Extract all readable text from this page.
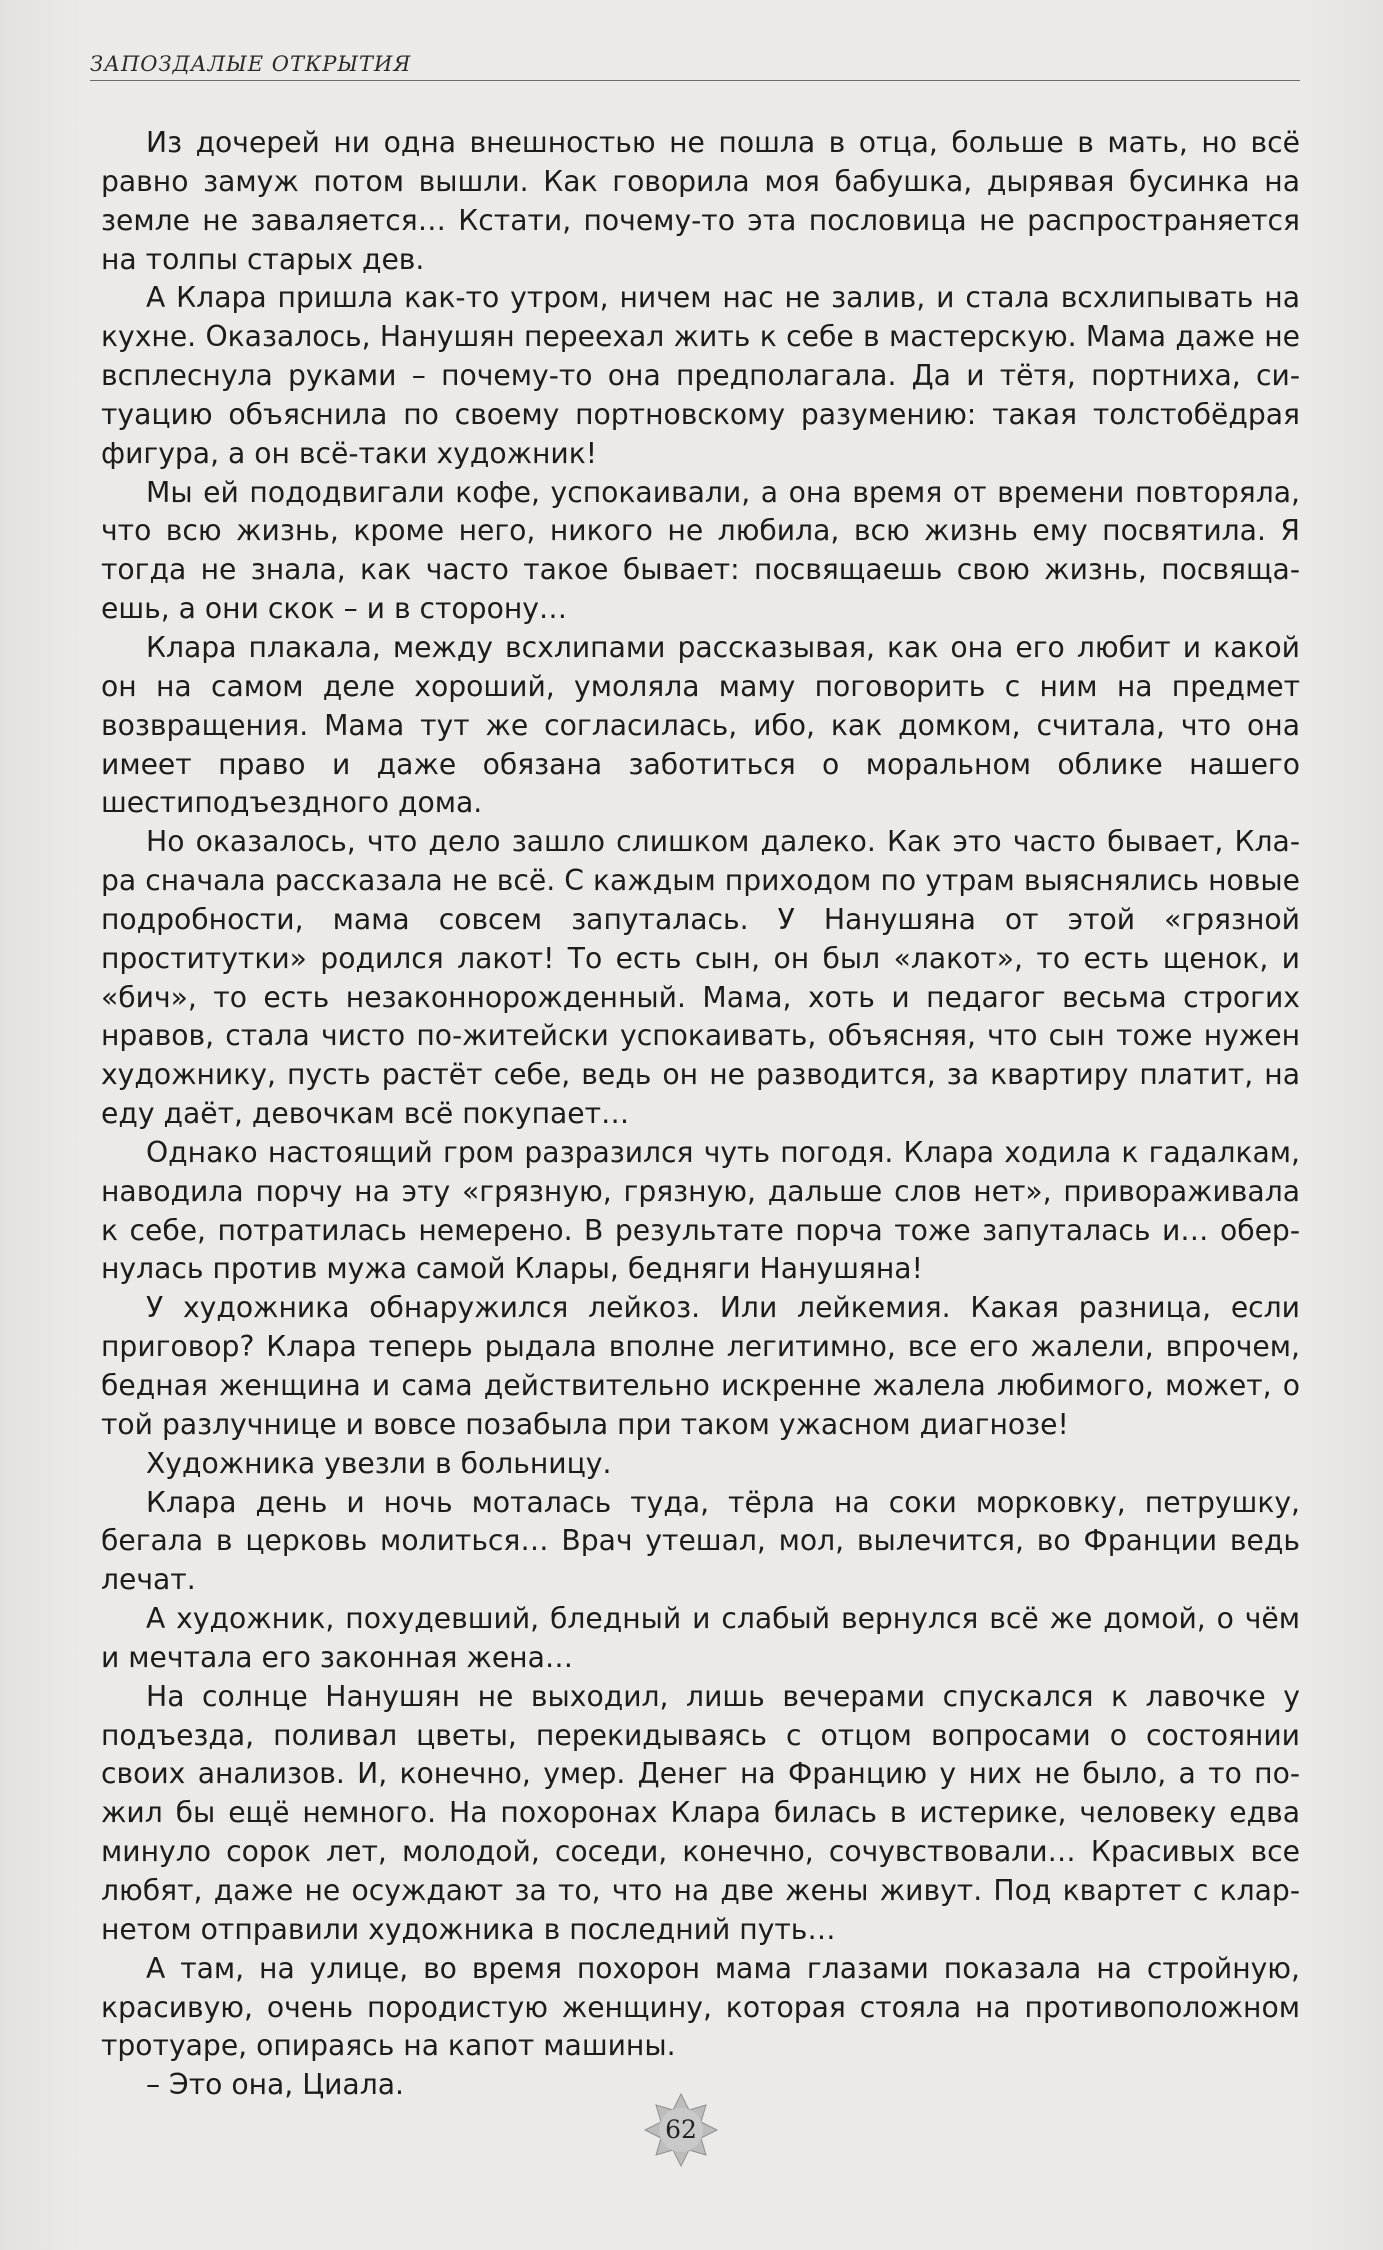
ЗАПОЗДАЛЫЕ ОТКРЫТИЯ

Из дочерей ни одна внешностью не пошла в отца, больше в мать, но всё равно замуж потом вышли. Как говорила моя бабушка, дырявая бусинка на земле не заваляется… Кстати, почему-то эта пословица не распространяется на толпы старых дев.

А Клара пришла как-то утром, ничем нас не залив, и стала всхлипывать на кухне. Оказалось, Нанушян переехал жить к себе в мастерскую. Мама даже не всплеснула руками – почему-то она предполагала. Да и тётя, портниха, ситуацию объяснила по своему портновскому разумению: такая толстобёдрая фигура, а он всё-таки художник!

Мы ей пододвигали кофе, успокаивали, а она время от времени повторяла, что всю жизнь, кроме него, никого не любила, всю жизнь ему посвятила. Я тогда не знала, как часто такое бывает: посвящаешь свою жизнь, посвящаешь, а они скок – и в сторону…

Клара плакала, между всхлипами рассказывая, как она его любит и какой он на самом деле хороший, умоляла маму поговорить с ним на предмет возвращения. Мама тут же согласилась, ибо, как домком, считала, что она имеет право и даже обязана заботиться о моральном облике нашего шестиподъездного дома.

Но оказалось, что дело зашло слишком далеко. Как это часто бывает, Клара сначала рассказала не всё. С каждым приходом по утрам выяснялись новые подробности, мама совсем запуталась. У Нанушяна от этой «грязной проститутки» родился лакот! То есть сын, он был «лакот», то есть щенок, и «бич», то есть незаконнорожденный. Мама, хоть и педагог весьма строгих нравов, стала чисто по-житейски успокаивать, объясняя, что сын тоже нужен художнику, пусть растёт себе, ведь он не разводится, за квартиру платит, на еду даёт, девочкам всё покупает…

Однако настоящий гром разразился чуть погодя. Клара ходила к гадалкам, наводила порчу на эту «грязную, грязную, дальше слов нет», привораживала к себе, потратилась немерено. В результате порча тоже запуталась и… обернулась против мужа самой Клары, бедняги Нанушяна!

У художника обнаружился лейкоз. Или лейкемия. Какая разница, если приговор? Клара теперь рыдала вполне легитимно, все его жалели, впрочем, бедная женщина и сама действительно искренне жалела любимого, может, о той разлучнице и вовсе позабыла при таком ужасном диагнозе!

Художника увезли в больницу.

Клара день и ночь моталась туда, тёрла на соки морковку, петрушку, бегала в церковь молиться… Врач утешал, мол, вылечится, во Франции ведь лечат.

А художник, похудевший, бледный и слабый вернулся всё же домой, о чём и мечтала его законная жена…

На солнце Нанушян не выходил, лишь вечерами спускался к лавочке у подъезда, поливал цветы, перекидываясь с отцом вопросами о состоянии своих анализов. И, конечно, умер. Денег на Францию у них не было, а то пожил бы ещё немного. На похоронах Клара билась в истерике, человеку едва минуло сорок лет, молодой, соседи, конечно, сочувствовали… Красивых все любят, даже не осуждают за то, что на две жены живут. Под квартет с кларнетом отправили художника в последний путь…

А там, на улице, во время похорон мама глазами показала на стройную, красивую, очень породистую женщину, которая стояла на противоположном тротуаре, опираясь на капот машины.

– Это она, Циала.

62
